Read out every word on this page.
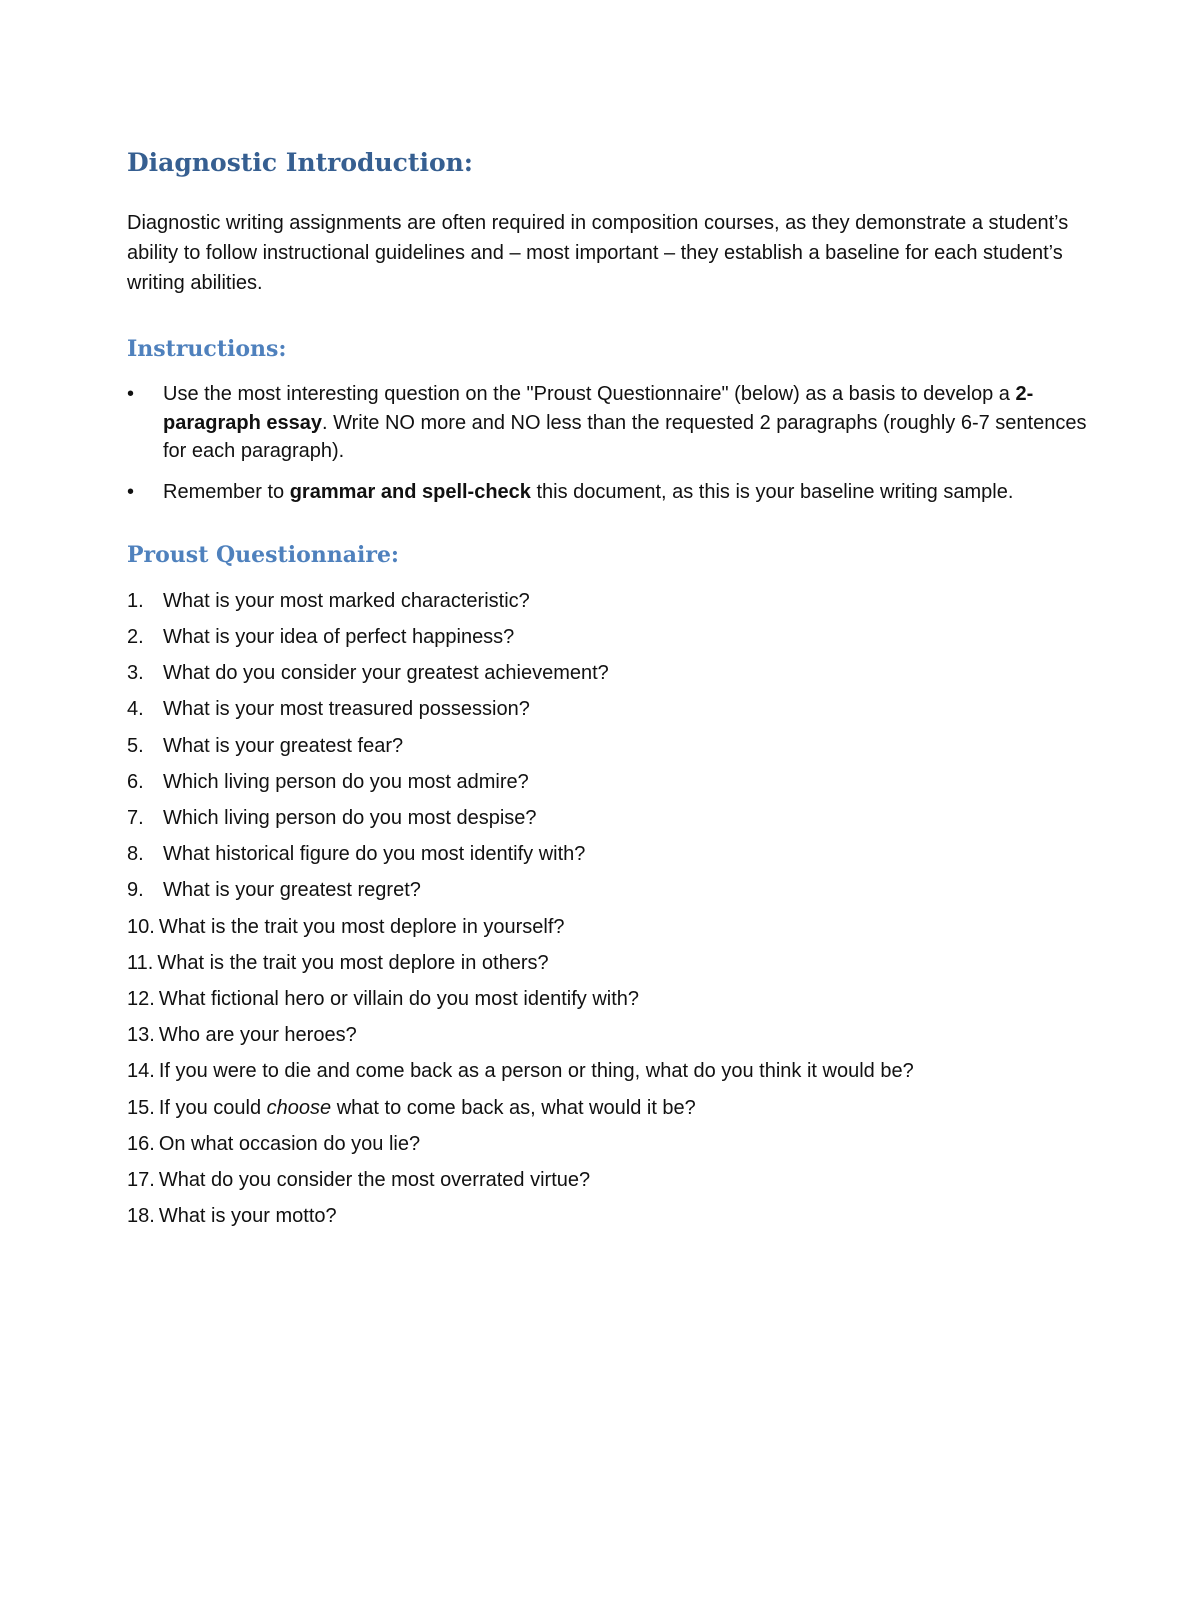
Diagnostic Introduction:

Diagnostic writing assignments are often required in composition courses, as they demonstrate a student’s ability to follow instructional guidelines and – most important – they establish a baseline for each student’s writing abilities.

Instructions:
• Use the most interesting question on the "Proust Questionnaire" (below) as a basis to develop a 2-paragraph essay. Write NO more and NO less than the requested 2 paragraphs (roughly 6-7 sentences for each paragraph).
• Remember to grammar and spell-check this document, as this is your baseline writing sample.
Proust Questionnaire:
1. What is your most marked characteristic?
2. What is your idea of perfect happiness?
3. What do you consider your greatest achievement?
4. What is your most treasured possession?
5. What is your greatest fear?
6. Which living person do you most admire?
7. Which living person do you most despise?
8. What historical figure do you most identify with?
9. What is your greatest regret?
10. What is the trait you most deplore in yourself?
11. What is the trait you most deplore in others?
12. What fictional hero or villain do you most identify with?
13. Who are your heroes?
14. If you were to die and come back as a person or thing, what do you think it would be?
15. If you could choose what to come back as, what would it be?
16. On what occasion do you lie?
17. What do you consider the most overrated virtue?
18. What is your motto?
